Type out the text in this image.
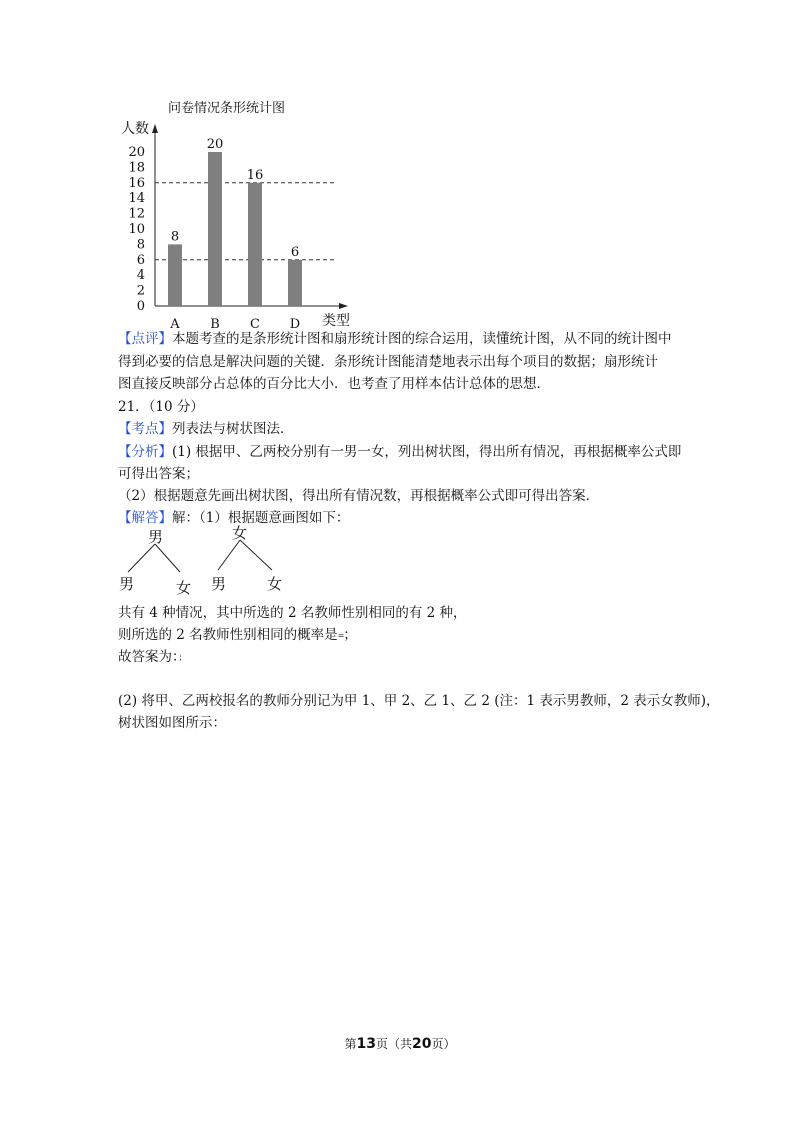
问卷情况条形统计图
人数
类型
0
2
4
6
8
10
12
14
16
18
20
8
A
20
B
16
C
6
D
【点评】本题考查的是条形统计图和扇形统计图的综合运用，读懂统计图，从不同的统计图中
得到必要的信息是解决问题的关键．条形统计图能清楚地表示出每个项目的数据；扇形统计
图直接反映部分占总体的百分比大小．也考查了用样本估计总体的思想．
21．（10 分）
【考点】列表法与树状图法．
【分析】(1) 根据甲、乙两校分别有一男一女，列出树状图，得出所有情况，再根据概率公式即
可得出答案；
（2）根据题意先画出树状图，得出所有情况数，再根据概率公式即可得出答案．
【解答】解：（1）根据题意画图如下：
男
男	女
女
男	女
共有 4 种情况，其中所选的 2 名教师性别相同的有 2 种，
则所选的 2 名教师性别相同的概率是=；
故答案为：；
(2) 将甲、乙两校报名的教师分别记为甲 1、甲 2、乙 1、乙 2 (注：1 表示男教师，2 表示女教师)，
树状图如图所示：
第13页（共20页）
